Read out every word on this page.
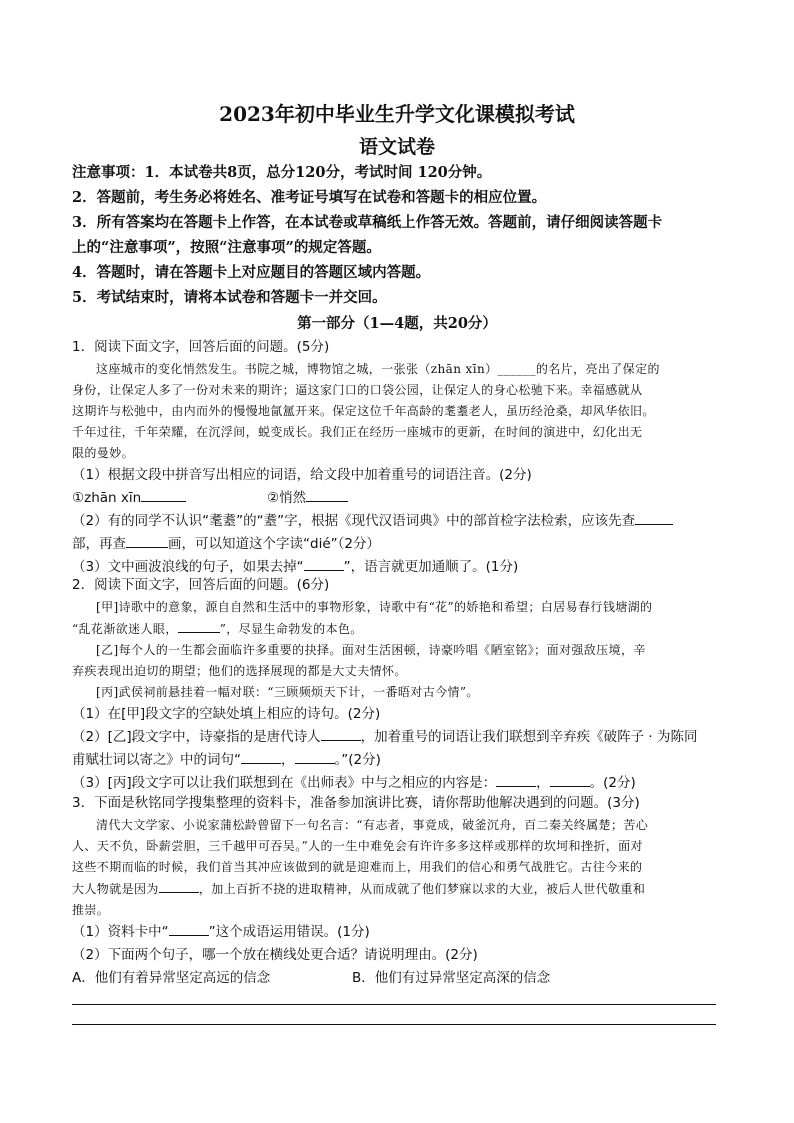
2023年初中毕业生升学文化课模拟考试
语文试卷
注意事项：1．本试卷共8页，总分120分，考试时间 120分钟。
2．答题前，考生务必将姓名、准考证号填写在试卷和答题卡的相应位置。
3．所有答案均在答题卡上作答，在本试卷或草稿纸上作答无效。答题前，请仔细阅读答题卡
上的“注意事项”，按照“注意事项”的规定答题。
4．答题时，请在答题卡上对应题目的答题区域内答题。
5．考试结束时，请将本试卷和答题卡一并交回。
第一部分（1—4题，共20分）
1．阅读下面文字，回答后面的问题。(5分)
这座城市的变化悄然发生。书院之城，博物馆之城，一张张（zhān xīn）______的名片，亮出了保定的
身份，让保定人多了一份对未来的期许；逼这家门口的口袋公园，让保定人的身心松驰下来。幸福感就从
这期许与松弛中，由内而外的慢慢地氤氲开来。保定这位千年高龄的耄耋老人，虽历经沧桑，却风华依旧。
千年过往，千年荣耀，在沉浮间，蜕变成长。我们正在经历一座城市的更新，在时间的演进中，幻化出无
限的曼妙。
（1）根据文段中拼音写出相应的词语，给文段中加着重号的词语注音。(2分)
①zhān xīn	②悄然
（2）有的同学不认识“耄耋”的“耋”字，根据《现代汉语词典》中的部首检字法检索，应该先查
部，再查	画，可以知道这个字读“dié”（2分）
（3）文中画波浪线的句子，如果去掉“	”，语言就更加通顺了。(1分)
2．阅读下面文字，回答后面的问题。(6分)
[甲]诗歌中的意象，源自自然和生活中的事物形象，诗歌中有“花”的娇艳和希望；白居易春行钱塘湖的
“乱花渐欲迷人眼，	”，尽显生命勃发的本色。
[乙]每个人的一生都会面临许多重要的抉择。面对生活困顿，诗豪吟唱《陋室铭》；面对强敌压境，辛
弃疾表现出迫切的期望；他们的选择展现的都是大丈夫情怀。
[丙]武侯祠前悬挂着一幅对联：“三顾频烦天下计，一番晤对古今情”。
（1）在[甲]段文字的空缺处填上相应的诗句。(2分)
（2）[乙]段文字中，诗豪指的是唐代诗人	，加着重号的词语让我们联想到辛弃疾《破阵子 · 为陈同
甫赋壮词以寄之》中的词句“	，	。”(2分)
（3）[丙]段文字可以让我们联想到在《出师表》中与之相应的内容是：	，	。(2分)
3．下面是秋铭同学搜集整理的资料卡，准备参加演讲比赛，请你帮助他解决遇到的问题。(3分)
清代大文学家、小说家蒲松龄曾留下一句名言：“有志者，事竟成，破釜沉舟，百二秦关终属楚；苦心
人、天不负，卧薪尝胆，三千越甲可吞吴。”人的一生中难免会有许许多多这样或那样的坎坷和挫折，面对
这些不期而临的时候，我们首当其冲应该做到的就是迎难而上，用我们的信心和勇气战胜它。古往今来的
大人物就是因为	，加上百折不挠的进取精神，从而成就了他们梦寐以求的大业，被后人世代敬重和
推崇。
（1）资料卡中“	”这个成语运用错误。(1分)
（2）下面两个句子，哪一个放在横线处更合适？请说明理由。(2分)
A．他们有着异常坚定高远的信念	B．他们有过异常坚定高深的信念
